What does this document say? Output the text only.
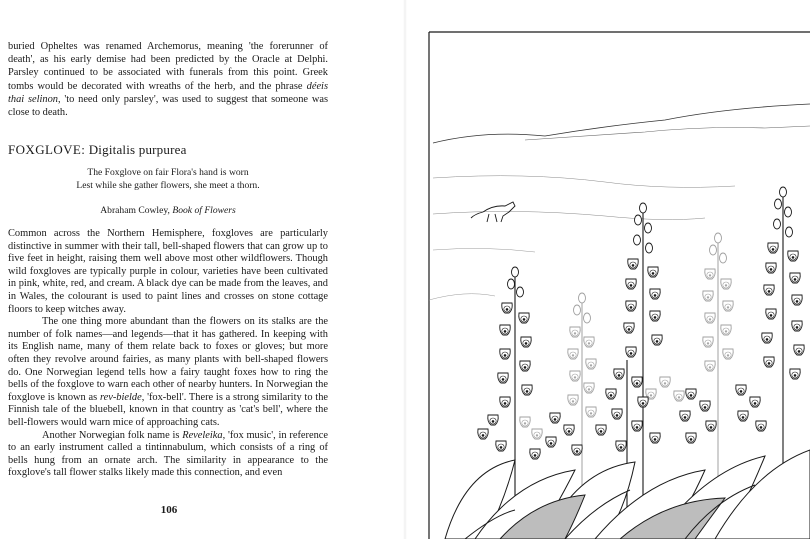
buried Opheltes was renamed Archemorus, meaning 'the forerunner of death', as his early demise had been predicted by the Oracle at Delphi. Parsley continued to be associated with funerals from this point. Greek tombs would be decorated with wreaths of the herb, and the phrase déeis thai selinon, 'to need only parsley', was used to suggest that someone was close to death.

FOXGLOVE: Digitalis purpurea
The Foxglove on fair Flora's hand is worn
Lest while she gather flowers, she meet a thorn.

Abraham Cowley, Book of Flowers

Common across the Northern Hemisphere, foxgloves are particularly distinctive in summer with their tall, bell-shaped flowers that can grow up to five feet in height, raising them well above most other wildflowers. Though wild foxgloves are typically purple in colour, varieties have been cultivated in pink, white, red, and cream. A black dye can be made from the leaves, and in Wales, the colourant is used to paint lines and crosses on stone cottage floors to keep witches away.

The one thing more abundant than the flowers on its stalks are the number of folk names—and legends—that it has gathered. In keeping with its English name, many of them relate back to foxes or gloves; but more often they revolve around fairies, as many plants with bell-shaped flowers do. One Norwegian legend tells how a fairy taught foxes how to ring the bells of the foxglove to warn each other of nearby hunters. In Norwegian the foxglove is known as rev-bielde, 'fox-bell'. There is a strong similarity to the Finnish tale of the bluebell, known in that country as 'cat's bell', where the bell-flowers would warn mice of approaching cats.

Another Norwegian folk name is Reveleika, 'fox music', in reference to an early instrument called a tintinnabulum, which consists of a ring of bells hung from an ornate arch. The similarity in appearance to the foxglove's tall flower stalks likely made this connection, and even

106
